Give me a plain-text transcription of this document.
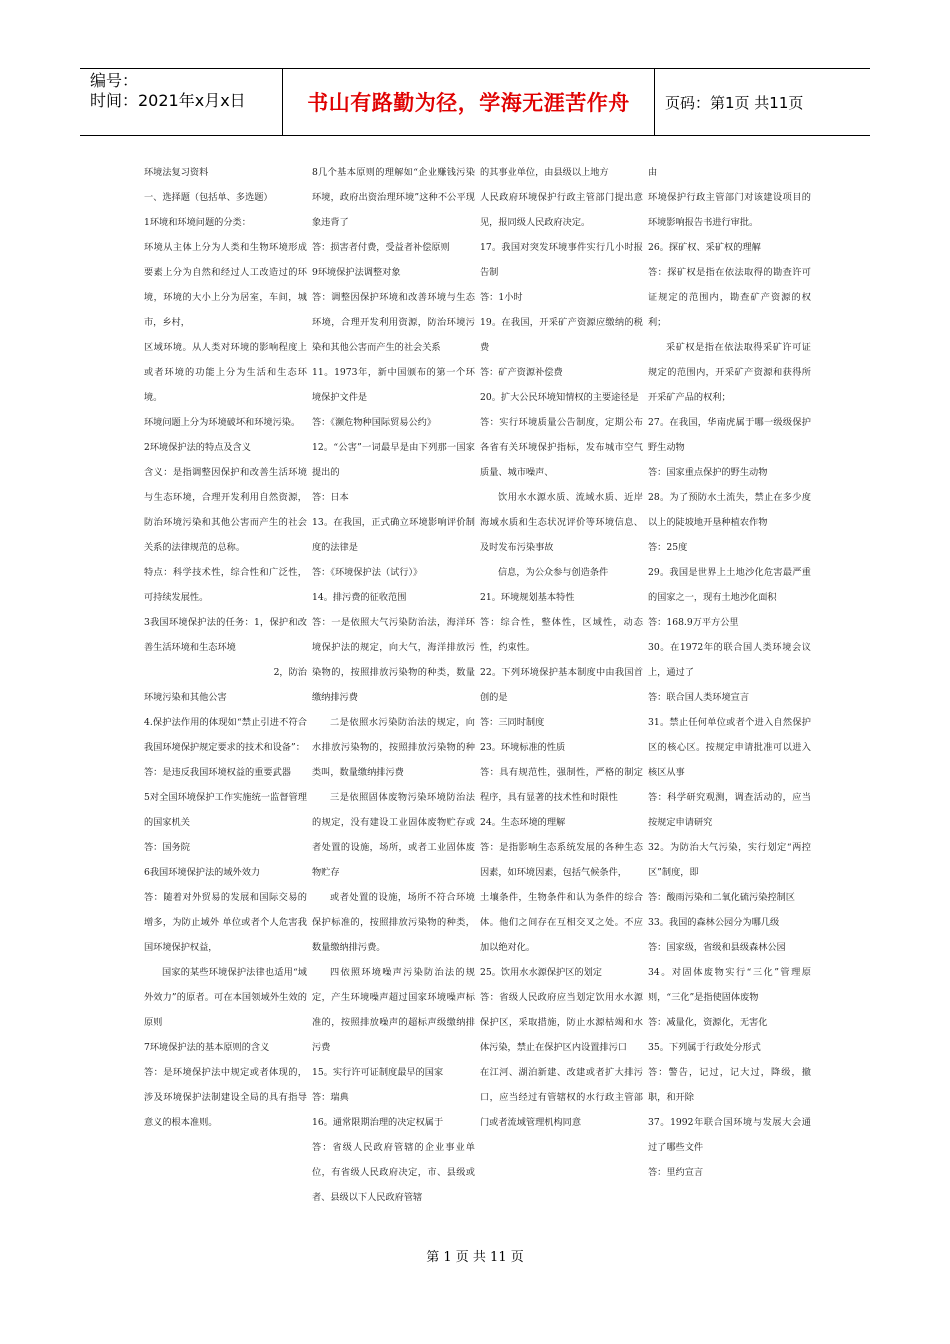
编号：
时间：2021年x月x日	书山有路勤为径，学海无涯苦作舟 页码：第1页 共11页

环境法复习资料

一、选择题（包括单、多选题）

1环境和环境问题的分类：

环境从主体上分为人类和生物环境形成要素上分为自然和经过人工改造过的环境，环境的大小上分为居室，车间，城市，乡村，

区域环境。从人类对环境的影响程度上或者环境的功能上分为生活和生态环境。

环境问题上分为环境破坏和环境污染。

2环境保护法的特点及含义

含义：是指调整因保护和改善生活环境与生态环境，合理开发利用自然资源，防治环境污染和其他公害而产生的社会关系的法律规范的总称。

特点：科学技术性，综合性和广泛性，可持续发展性。

3我国环境保护法的任务：1，保护和改善生活环境和生态环境

2，防治

环境污染和其他公害

4.保护法作用的体现如“禁止引进不符合我国环境保护规定要求的技术和设备”：

答：是违反我国环境权益的重要武器

5对全国环境保护工作实施统一监督管理的国家机关

答：国务院

6我国环境保护法的域外效力

答：随着对外贸易的发展和国际交易的增多，为防止域外 单位或者个人危害我国环境保护权益，

国家的某些环境保护法律也适用“域外效力”的原者。可在本国领域外生效的原则

7环境保护法的基本原则的含义

答：是环境保护法中规定或者体现的，涉及环境保护法制建设全局的具有指导意义的根本准则。

8几个基本原则的理解如“企业赚钱污染环境，政府出资治理环境”这种不公平现象违背了

答：损害者付费，受益者补偿原则

9环境保护法调整对象

答：调整因保护环境和改善环境与生态环境，合理开发利用资源，防治环境污染和其他公害而产生的社会关系

11。1973年，新中国颁布的第一个环境保护文件是

答：《濒危物种国际贸易公约》

12。“公害”一词最早是由下列那一国家提出的

答：日本

13。在我国，正式确立环境影响评价制度的法律是

答：《环境保护法（试行）》

14。排污费的征收范围

答：一是依照大气污染防治法，海洋环境保护法的规定，向大气，海洋排放污染物的，按照排放污染物的种类，数量缴纳排污费

二是依照水污染防治法的规定，向水排放污染物的，按照排放污染物的种类叫，数量缴纳排污费

三是依照固体废物污染环境防治法的规定，没有建设工业固体废物贮存或者处置的设施，场所，或者工业固体废物贮存

或者处置的设施，场所不符合环境保护标准的，按照排放污染物的种类，数量缴纳排污费。

四依照环境噪声污染防治法的规定，产生环境噪声超过国家环境噪声标准的，按照排放噪声的超标声级缴纳排污费

15。实行许可证制度最早的国家

答：瑞典

16。通常限期治理的决定权属于

答：省级人民政府管辖的企业事业单位，有省级人民政府决定，市、县级或者、县级以下人民政府管辖

的其事业单位，由县级以上地方

人民政府环境保护行政主管部门提出意见，报同级人民政府决定。

17。我国对突发环境事件实行几小时报告制

答：1小时

19。在我国，开采矿产资源应缴纳的税费

答：矿产资源补偿费

20。扩大公民环境知情权的主要途径是

答：实行环境质量公告制度，定期公布各省有关环境保护指标，发布城市空气质量、城市噪声、

饮用水水源水质、流域水质、近岸海域水质和生态状况评价等环境信息、及时发布污染事故

信息，为公众参与创造条件

21。环境规划基本特性

答：综合性，整体性，区域性，动态性，约束性。

22。下列环境保护基本制度中由我国首创的是

答：三同时制度

23。环境标准的性质

答：具有规范性，强制性，严格的制定程序，具有显著的技术性和时限性

24。生态环境的理解

答：是指影响生态系统发展的各种生态因素，如环境因素，包括气候条件，

土壤条件，生物条件和认为条件的综合体。他们之间存在互相交叉之处。不应加以绝对化。

25。饮用水水源保护区的划定

答：省级人民政府应当划定饮用水水源保护区，采取措施，防止水源枯竭和水体污染，禁止在保护区内设置排污口

在江河、湖泊新建、改建或者扩大排污口，应当经过有管辖权的水行政主管部门或者流域管理机构同意

由

环境保护行政主管部门对该建设项目的环境影响报告书进行审批。

26。探矿权、采矿权的理解

答：探矿权是指在依法取得的勘查许可证规定的范围内，勘查矿产资源的权利；

采矿权是指在依法取得采矿许可证规定的范围内，开采矿产资源和获得所开采矿产品的权利；

27。在我国，华南虎属于哪一级级保护野生动物

答：国家重点保护的野生动物

28。为了预防水土流失，禁止在多少度以上的陡坡地开垦种植农作物

答：25度

29。我国是世界上土地沙化危害最严重的国家之一，现有土地沙化面积

答：168.9万平方公里

30。在1972年的联合国人类环境会议上，通过了

答：联合国人类环境宣言

31。禁止任何单位或者个进入自然保护区的核心区。按规定申请批准可以进入核区从事

答：科学研究观测，调查活动的，应当按规定申请研究

32。为防治大气污染，实行划定“两控区”制度，即

答：酸雨污染和二氧化硫污染控制区

33。我国的森林公园分为哪几级

答：国家级，省级和县级森林公园

34。对固体废物实行“三化”管理原则，“三化”是指使固体废物

答：减量化，资源化，无害化

35。下列属于行政处分形式

答：警告，记过，记大过，降级，撤职，和开除

37。1992年联合国环境与发展大会通过了哪些文件

答：里约宣言

第 1 页 共 11 页
